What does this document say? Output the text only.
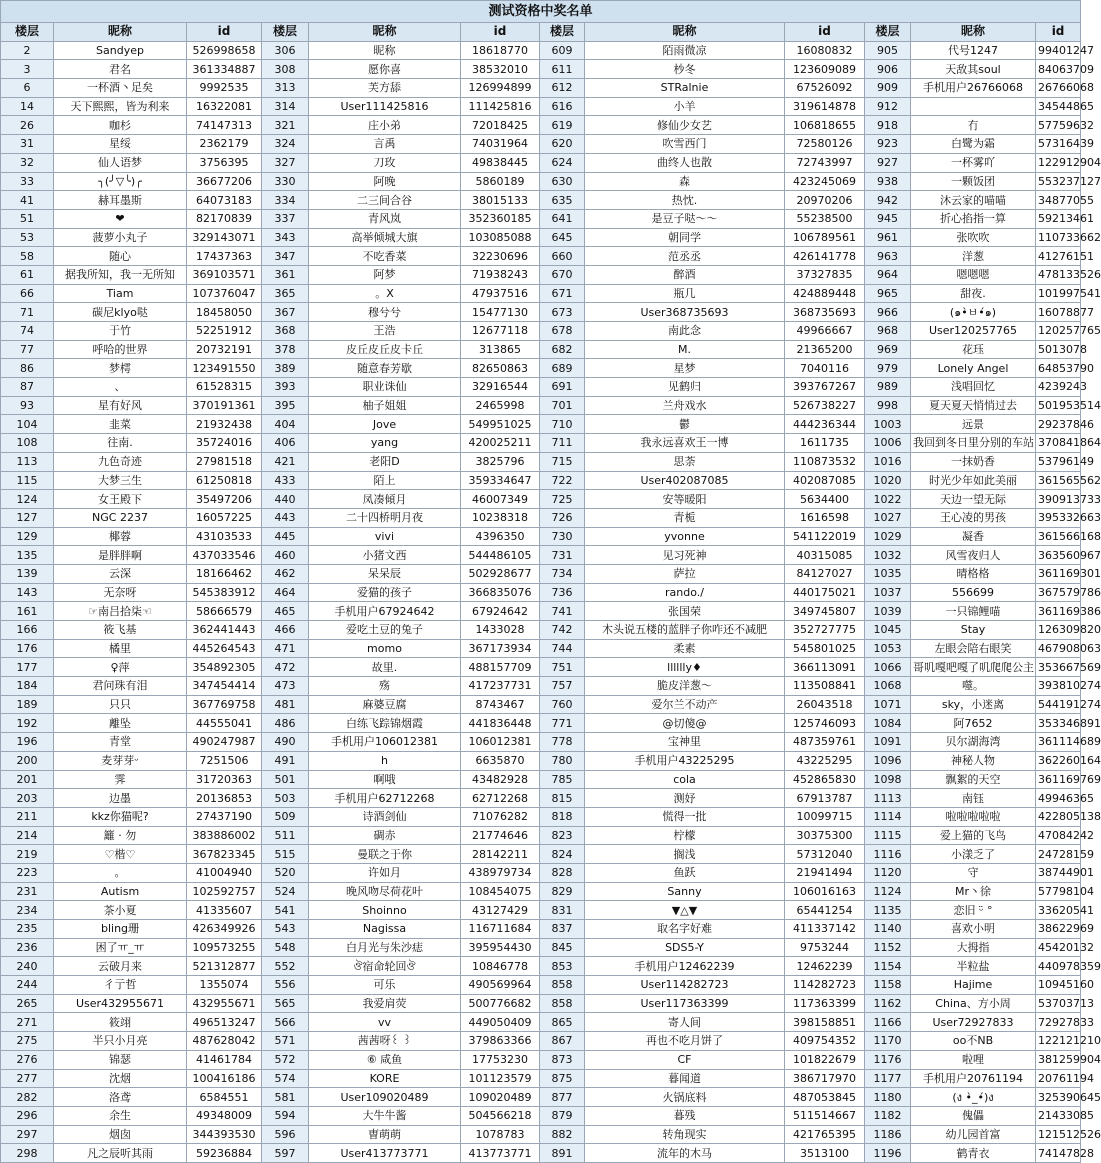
测试资格中奖名单											
楼层	昵称	id	楼层	昵称	id	楼层	昵称	id	楼层	昵称	id
2	Sandyep	526998658	306	昵称	18618770	609	陌雨微凉	16080832	905	代号1247	99401247
3	君名	361334887	308	愿你喜	38532010	611	杪冬	123609089	906	天敌其soul	84063709
6	一杯酒丶足矣	9992535	313	芙方舔	126994899	612	STRalnie	67526092	909	手机用户26766068	26766068
14	天下熙熙，皆为利来	16322081	314	User111425816	111425816	616	小羊	319614878	912		34544865
26	咖杉	74147313	321	庄小弟	72018425	619	修仙少女艺	106818655	918	冇	57759632
31	星绥	2362179	324	言禹	74031964	620	吹雪西门	72580126	923	白鹭为霜	57316439
32	仙人语梦	3756395	327	刀玫	49838445	624	曲终人也散	72743997	927	一杯雾吖	122912904
33	╮(╯▽╰)╭	36677206	330	阿晚	5860189	630	森	423245069	938	一颗饭团	553237127
41	赫耳墨斯	64073183	334	二三间合谷	38015133	635	热忱.	20970206	942	沐云家的喵喵	34877055
51	❤	82170839	337	青风岚	352360185	641	是豆子哒～～	55238500	945	折心掐指一算	59213461
53	菠萝小丸子	329143071	343	高举倾城大旗	103085088	645	朝同学	106789561	961	张吹吹	110733662
58	随心	17437363	347	不吃香菜	32230696	660	范丞丞	426141778	963	洋葱	41276151
61	据我所知，我一无所知	369103571	361	阿梦	71938243	670	醉酒	37327835	964	嗯嗯嗯	478133526
66	Tiam	107376047	365	。X	47937516	671	瓶几	424889448	965	甜夜.	101997541
71	碳尼klyo哒	18458050	367	穆兮兮	15477130	673	User368735693	368735693	966	(๑•̀ㅂ•́๑)	16078877
74	于竹	52251912	368	王浩	12677118	678	南此念	49966667	968	User120257765	120257765
77	呼哈的世界	20732191	378	皮丘皮丘皮卡丘	313865	682	M.	21365200	969	花珏	5013078
86	梦樗	123491550	389	随意春芳歇	82650863	689	星梦	7040116	979	Lonely Angel	64853790
87	、	61528315	393	职业诛仙	32916544	691	见鹤归	393767267	989	浅唱回忆	4239243
93	星有好风	370191361	395	柚子姐姐	2465998	701	兰舟戏水	526738227	998	夏天夏天悄悄过去	501953514
104	韭菜	21932438	404	Jove	549951025	710	鬱	444236344	1003	远景	29237846
108	往南.	35724016	406	yang	420025211	711	我永远喜欢王一博	1611735	1006	我回到冬日里分别的车站	370841864
113	九色奇迹	27981518	421	老阳D	3825796	715	思荼	110873532	1016	一抹奶香	53796149
115	大梦三生	61250818	433	陌上	359334647	722	User402087085	402087085	1020	时光少年如此美丽	361565562
124	女王殿下	35497206	440	凤凑傾月	46007349	725	安等暖阳	5634400	1022	天边一望无际	390913733
127	NGC 2237	16057225	443	二十四桥明月夜	10238318	726	青栀	1616598	1027	王心凌的男孩	395332663
129	椰蓉	43103533	445	vivi	4396350	730	yvonne	541122019	1029	凝香	361566168
135	是胖胖啊	437033546	460	小猪文西	544486105	731	见习死神	40315085	1032	风雪夜归人	363560967
139	云深	18166462	462	呆呆辰	502928677	734	萨拉	84127027	1035	晴格格	361169301
143	无奈呀	545383912	464	爱猫的孩子	366835076	736	rando./	440175021	1037	556699	367579786
161	☞南吕拾柒☜	58666579	465	手机用户67924642	67924642	741	张国荣	349745807	1039	一只锦鲤喵	361169386
166	筱飞基	362441443	466	爱吃土豆的兔子	1433028	742	木头说五楼的蓝胖子你咋还不减肥	352727775	1045	Stay	126309820
176	橘里	445264543	471	momo	367173934	744	柔素	545801025	1053	左眼会陪右眼笑	467908063
177	♀萍	354892305	472	故里.	488157709	751	lllllly♦	366113091	1066	哥叽嘎吧嘎了叽爬爬公主	353667569
184	君问珠有泪	347454414	473	殇	417237731	757	脆皮洋葱～	113508841	1068	噬。	393810274
189	只只	367769758	481	麻婆豆腐	8743467	760	爱尔兰不动产	26043518	1071	sky，小迷离	544191274
192	離坠	44555041	486	白练飞踪锦烟霞	441836448	771	@切傻@	125746093	1084	阿7652	353346891
196	青堂	490247987	490	手机用户106012381	106012381	778	宝神里	487359761	1091	贝尔湖海湾	361114689
200	麦芽芽ᵕ	7251506	491	h	6635870	780	手机用户43225295	43225295	1096	神秘人物	362260164
201	霁	31720363	501	啊哦	43482928	785	cola	452865830	1098	飘絮的天空	361169769
203	边墨	20136853	503	手机用户62712268	62712268	815	测妤	67913787	1113	南钰	49946365
211	kkz你猫呢?	27437190	509	诗酒剑仙	71076282	818	慌得一批	10099715	1114	啦啦啦啦啦	422805138
214	籬 · 勿	383886002	511	碉赤	21774646	823	柠檬	30375300	1115	爱上猫的飞鸟	47084242
219	♡楷♡	367823345	515	曼联之于你	28142211	824	搁浅	57312040	1116	小漾乏了	24728159
223	。	41004940	520	许如月	438979734	828	鱼跃	21941494	1120	守	38744901
231	Autism	102592757	524	晚风吻尽荷花叶	108454075	829	Sanny	106016163	1124	Mr丶徐	57798104
234	茶小夏	41335607	541	Shoinno	43127429	831	▼△▼	65441254	1135	恋旧 ᵕ̈ °	33620541
235	bling珊	426349926	543	Nagissa	116711684	837	取名字好难	411337142	1140	喜欢小明	38622969
236	困了ㅠ_ㅠ	109573255	548	白月光与朱沙痣	395954430	845	SDS5-Y	9753244	1152	大拇指	45420132
240	云破月来	521312877	552	ঔ宿命轮回ঔ	10846778	853	手机用户12462239	12462239	1154	半粒盐	440978359
244	彳亍哲	1355074	556	可乐	490569964	858	User114282723	114282723	1158	Hajime	10945160
265	User432955671	432955671	565	我爱肩荧	500776682	858	User117363399	117363399	1162	China、方小周	53703713
271	筱翊	496513247	566	vv	449050409	865	寄人间	398158851	1166	User72927833	72927833
275	半只小月亮	487628042	571	茜茜呀꒰ ꒱	379863366	867	再也不吃月饼了	409754352	1170	oo不NB	122121210
276	锦瑟	41461784	572	⑥ 咸鱼	17753230	873	CF	101822679	1176	啦哩	381259904
277	沈烟	100416186	574	KORE	101123579	875	暮闻道	386717970	1177	手机用户20761194	20761194
282	洛鸢	6584551	581	User109020489	109020489	877	火锅底料	487053845	1180	(ง •̀_•́)ง	325390645
296	余生	49348009	594	大牛牛酱	504566218	879	暮残	511514667	1182	傀儡	21433085
297	烟囱	344393530	596	曺萌萌	1078783	882	转角现实	421765395	1186	幼儿园首富	121512526
298	凡之辰听其雨	59236884	597	User413773771	413773771	891	流年的木马	3513100	1196	鹤青衣	74147828
